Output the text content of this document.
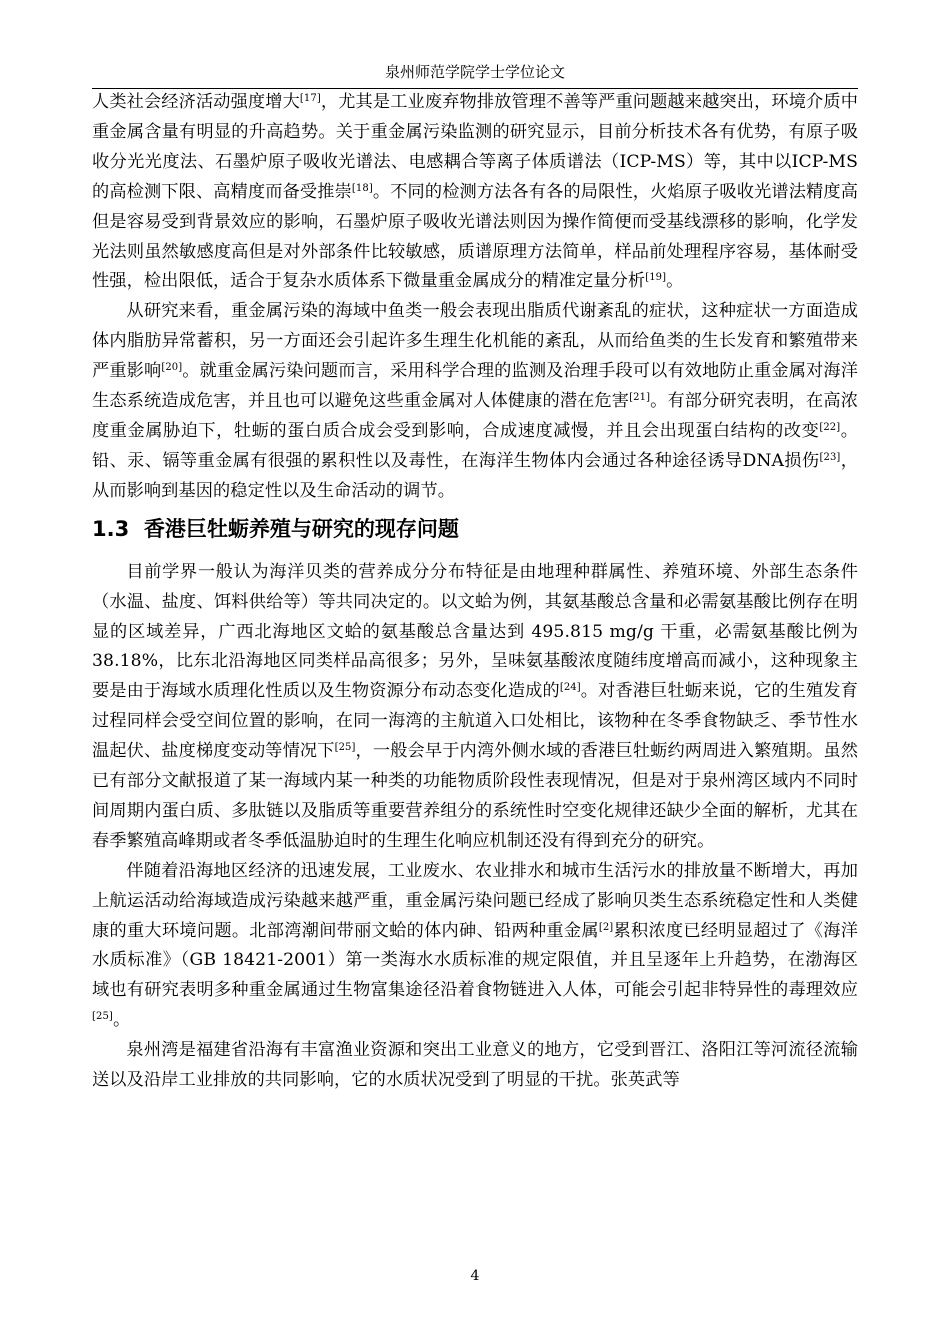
泉州师范学院学士学位论文

人类社会经济活动强度增大[17]，尤其是工业废弃物排放管理不善等严重问题越来越突出，环境介质中重金属含量有明显的升高趋势。关于重金属污染监测的研究显示，目前分析技术各有优势，有原子吸收分光光度法、石墨炉原子吸收光谱法、电感耦合等离子体质谱法（ICP-MS）等，其中以ICP-MS的高检测下限、高精度而备受推崇[18]。不同的检测方法各有各的局限性，火焰原子吸收光谱法精度高但是容易受到背景效应的影响，石墨炉原子吸收光谱法则因为操作简便而受基线漂移的影响，化学发光法则虽然敏感度高但是对外部条件比较敏感，质谱原理方法简单，样品前处理程序容易，基体耐受性强，检出限低，适合于复杂水质体系下微量重金属成分的精准定量分析[19]。

从研究来看，重金属污染的海域中鱼类一般会表现出脂质代谢紊乱的症状，这种症状一方面造成体内脂肪异常蓄积，另一方面还会引起许多生理生化机能的紊乱，从而给鱼类的生长发育和繁殖带来严重影响[20]。就重金属污染问题而言，采用科学合理的监测及治理手段可以有效地防止重金属对海洋生态系统造成危害，并且也可以避免这些重金属对人体健康的潜在危害[21]。有部分研究表明，在高浓度重金属胁迫下，牡蛎的蛋白质合成会受到影响，合成速度减慢，并且会出现蛋白结构的改变[22]。铅、汞、镉等重金属有很强的累积性以及毒性，在海洋生物体内会通过各种途径诱导DNA损伤[23]，从而影响到基因的稳定性以及生命活动的调节。

1.3 香港巨牡蛎养殖与研究的现存问题

目前学界一般认为海洋贝类的营养成分分布特征是由地理种群属性、养殖环境、外部生态条件（水温、盐度、饵料供给等）等共同决定的。以文蛤为例，其氨基酸总含量和必需氨基酸比例存在明显的区域差异，广西北海地区文蛤的氨基酸总含量达到 495.815 mg/g 干重，必需氨基酸比例为 38.18%，比东北沿海地区同类样品高很多；另外，呈味氨基酸浓度随纬度增高而减小，这种现象主要是由于海域水质理化性质以及生物资源分布动态变化造成的[24]。对香港巨牡蛎来说，它的生殖发育过程同样会受空间位置的影响，在同一海湾的主航道入口处相比，该物种在冬季食物缺乏、季节性水温起伏、盐度梯度变动等情况下[25]，一般会早于内湾外侧水域的香港巨牡蛎约两周进入繁殖期。虽然已有部分文献报道了某一海域内某一种类的功能物质阶段性表现情况，但是对于泉州湾区域内不同时间周期内蛋白质、多肽链以及脂质等重要营养组分的系统性时空变化规律还缺少全面的解析，尤其在春季繁殖高峰期或者冬季低温胁迫时的生理生化响应机制还没有得到充分的研究。

伴随着沿海地区经济的迅速发展，工业废水、农业排水和城市生活污水的排放量不断增大，再加上航运活动给海域造成污染越来越严重，重金属污染问题已经成了影响贝类生态系统稳定性和人类健康的重大环境问题。北部湾潮间带丽文蛤的体内砷、铅两种重金属[2]累积浓度已经明显超过了《海洋水质标准》（GB 18421-2001）第一类海水水质标准的规定限值，并且呈逐年上升趋势，在渤海区域也有研究表明多种重金属通过生物富集途径沿着食物链进入人体，可能会引起非特异性的毒理效应[25]。

泉州湾是福建省沿海有丰富渔业资源和突出工业意义的地方，它受到晋江、洛阳江等河流径流输送以及沿岸工业排放的共同影响，它的水质状况受到了明显的干扰。张英武等

4
